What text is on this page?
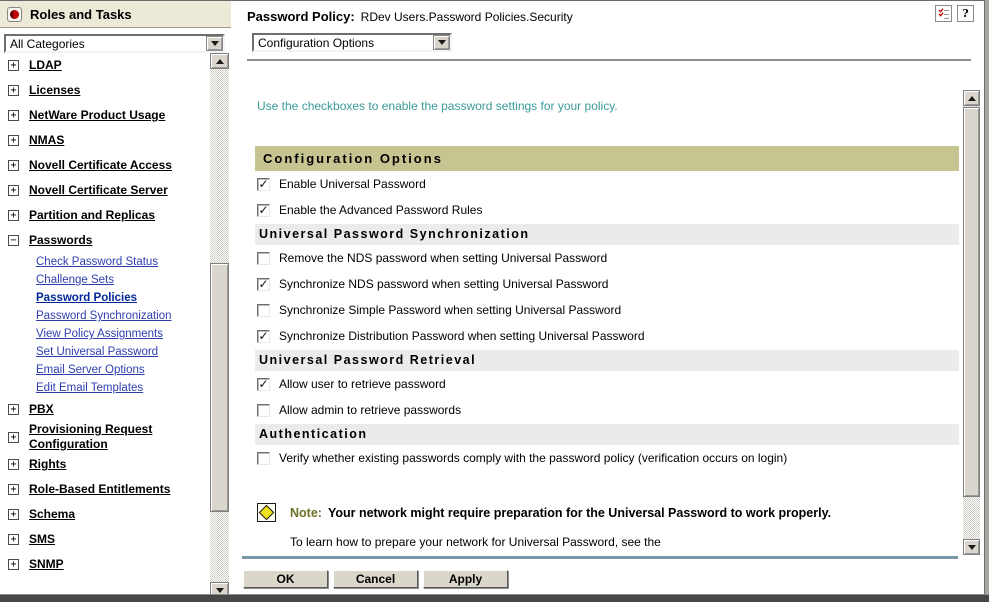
Roles and Tasks
All Categories
+ LDAP
+ Licenses
+ NetWare Product Usage
+ NMAS
+ Novell Certificate Access
+ Novell Certificate Server
+ Partition and Replicas
− Passwords
Check Password Status
Challenge Sets
Password Policies
Password Synchronization
View Policy Assignments
Set Universal Password
Email Server Options
Edit Email Templates
+ PBX
+
Provisioning Request Configuration
+ Rights
+ Role-Based Entitlements
+ Schema
+ SMS
+ SNMP
Password Policy: RDev Users.Password Policies.Security	?
Configuration Options
Use the checkboxes to enable the password settings for your policy.
Configuration Options
✓ Enable Universal Password
✓ Enable the Advanced Password Rules
Universal Password Synchronization
Remove the NDS password when setting Universal Password
✓ Synchronize NDS password when setting Universal Password
Synchronize Simple Password when setting Universal Password
✓ Synchronize Distribution Password when setting Universal Password
Universal Password Retrieval
✓ Allow user to retrieve password
Allow admin to retrieve passwords
Authentication
Verify whether existing passwords comply with the password policy (verification occurs on login)
Note: Your network might require preparation for the Universal Password to work properly.
To learn how to prepare your network for Universal Password, see the
OK	Cancel	Apply
